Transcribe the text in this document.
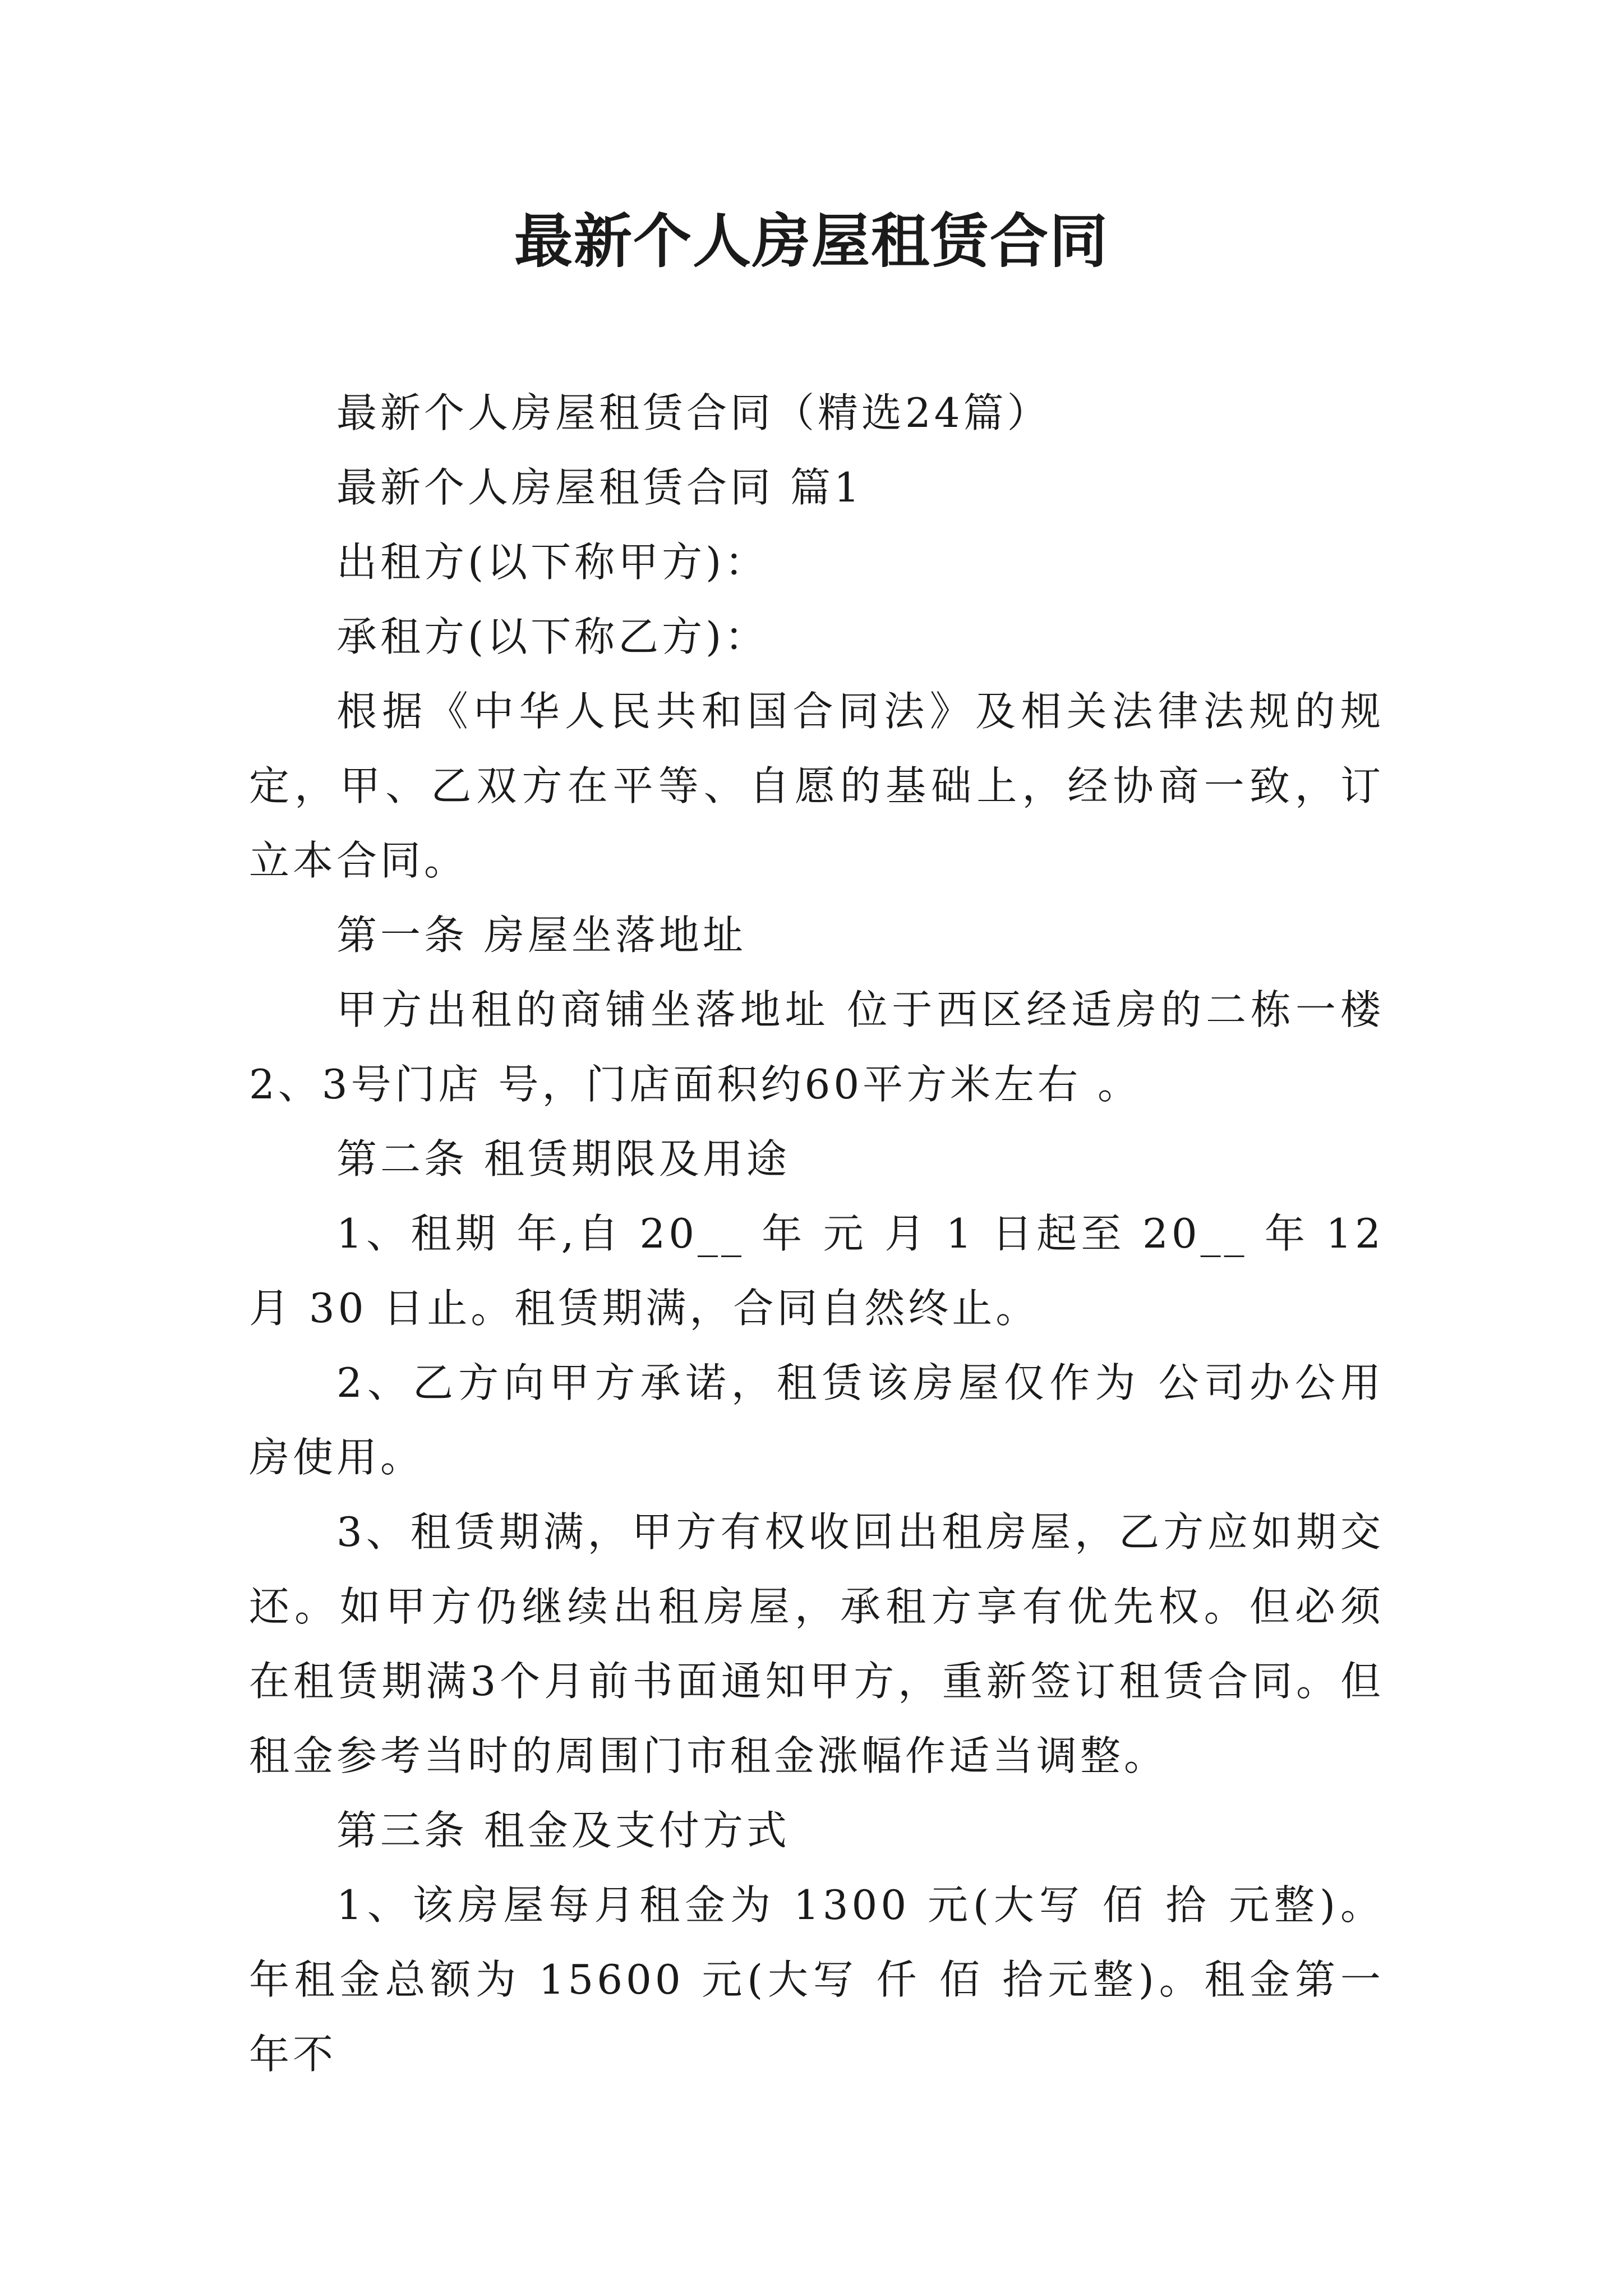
最新个人房屋租赁合同

最新个人房屋租赁合同（精选24篇）

最新个人房屋租赁合同 篇1

出租方(以下称甲方)：

承租方(以下称乙方)：

根据《中华人民共和国合同法》及相关法律法规的规定，甲、乙双方在平等、自愿的基础上，经协商一致，订立本合同。

第一条 房屋坐落地址

甲方出租的商铺坐落地址 位于西区经适房的二栋一楼2、3号门店 号，门店面积约60平方米左右 。

第二条 租赁期限及用途

1、租期 年,自 20__ 年 元 月 1 日起至 20__ 年 12 月 30 日止。租赁期满，合同自然终止。

2、乙方向甲方承诺，租赁该房屋仅作为 公司办公用房使用。

3、租赁期满，甲方有权收回出租房屋，乙方应如期交还。如甲方仍继续出租房屋，承租方享有优先权。但必须在租赁期满3个月前书面通知甲方，重新签订租赁合同。但租金参考当时的周围门市租金涨幅作适当调整。

第三条 租金及支付方式

1、该房屋每月租金为 1300 元(大写 佰 拾 元整)。年租金总额为 15600 元(大写 仟 佰 拾元整)。租金第一年不
